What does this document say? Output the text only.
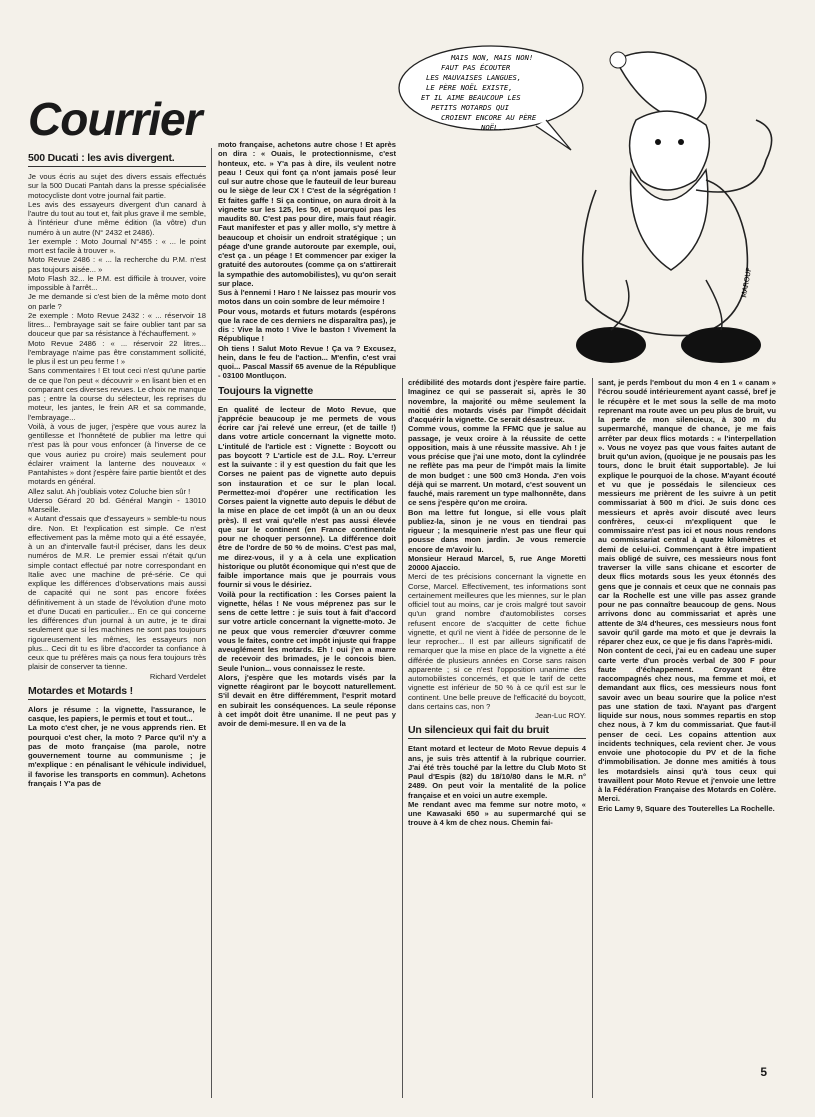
Courrier
MAIS NON, MAIS NON!
FAUT PAS ÉCOUTER
LES MAUVAISES LANGUES,
LE PÈRE NOËL EXISTE,
ET IL AIME BEAUCOUP LES
PETITS MOTARDS QUI
CROIENT ENCORE AU PÈRE
NOËL...
MAROUF
500 Ducati : les avis divergent.

Je vous écris au sujet des divers essais effectués sur la 500 Ducati Pantah dans la presse spécialisée motocycliste dont votre journal fait partie.

Les avis des essayeurs divergent d'un canard à l'autre du tout au tout et, fait plus grave il me semble, à l'intérieur d'une même édition (la vôtre) d'un numéro à un autre (N° 2432 et 2486).

1er exemple : Moto Journal N°455 : « ... le point mort est facile à trouver ».

Moto Revue 2486 : « ... la recherche du P.M. n'est pas toujours aisée... »

Moto Flash 32... le P.M. est difficile à trouver, voire impossible à l'arrêt...

Je me demande si c'est bien de la même moto dont on parle ?

2e exemple : Moto Revue 2432 : « ... réservoir 18 litres... l'embrayage sait se faire oublier tant par sa douceur que par sa résistance à l'échauffement. »

Moto Revue 2486 : « ... réservoir 22 litres... l'embrayage n'aime pas être constamment sollicité, le plus il est un peu ferme ! »

Sans commentaires ! Et tout ceci n'est qu'une partie de ce que l'on peut « découvrir » en lisant bien et en comparant ces diverses revues. Le choix ne manque pas ; entre la course du sélecteur, les reprises du moteur, les jantes, le frein AR et sa commande, l'embrayage...

Voilà, à vous de juger, j'espère que vous aurez la gentillesse et l'honnêteté de publier ma lettre qui n'est pas là pour vous enfoncer (à l'inverse de ce que vous auriez pu croire) mais seulement pour éclairer vraiment la lanterne des nouveaux « Pantahistes » dont j'espère faire partie bientôt et des motards en général.

Allez salut. Ah j'oubliais votez Coluche bien sûr !

Uderso Gérard 20 bd. Général Mangin - 13010 Marseille.

« Autant d'essais que d'essayeurs » semble-tu nous dire. Non. Et l'explication est simple. Ce n'est effectivement pas la même moto qui a été essayée, à un an d'intervalle faut-il préciser, dans les deux numéros de M.R. Le premier essai n'était qu'un simple contact effectué par notre correspondant en Italie avec une machine de pré-série. Ce qui explique les différences d'observations mais aussi de capacité qui ne sont pas encore fixées définitivement à un stade de l'évolution d'une moto et d'une Ducati en particulier... En ce qui concerne les différences d'un journal à un autre, je te dirai seulement que si les machines ne sont pas toujours rigoureusement les mêmes, les essayeurs non plus... Ceci dit tu es libre d'accorder ta confiance à ceux que tu préfères mais ça nous fera toujours très plaisir de conserver ta tienne.

Richard Verdelet

Motardes et Motards !

Alors je résume : la vignette, l'assurance, le casque, les papiers, le permis et tout et tout...

La moto c'est cher, je ne vous apprends rien. Et pourquoi c'est cher, la moto ? Parce qu'il n'y a pas de moto française (ma parole, notre gouvernement tourne au communisme ; je m'explique : en pénalisant le véhicule individuel, il favorise les transports en commun). Achetons français ! Y'a pas de

moto française, achetons autre chose ! Et après on dira : « Ouais, le protectionnisme, c'est honteux, etc. » Y'a pas à dire, ils veulent notre peau ! Ceux qui font ça n'ont jamais posé leur cul sur autre chose que le fauteuil de leur bureau ou le siège de leur CX ! C'est de la ségrégation ! Et faites gaffe ! Si ça continue, on aura droit à la vignette sur les 125, les 50, et pourquoi pas les maudits 80. C'est pas pour dire, mais faut réagir. Faut manifester et pas y aller mollo, s'y mettre à beaucoup et choisir un endroit stratégique ; un péage d'une grande autoroute par exemple, oui, c'est ça . un péage ! Et commencer par exiger la gratuité des autoroutes (comme ça on s'attirerait la sympathie des automobilistes), vu qu'on serait sur place.

Sus à l'ennemi ! Haro ! Ne laissez pas mourir vos motos dans un coin sombre de leur mémoire !

Pour vous, motards et futurs motards (espérons que la race de ces derniers ne disparaîtra pas), je dis : Vive la moto ! Vive le baston ! Vivement la République !

Oh tiens ! Salut Moto Revue ! Ça va ? Excusez, hein, dans le feu de l'action... M'enfin, c'est vrai quoi... Pascal Massif 65 avenue de la République - 03100 Montluçon.

Toujours la vignette

En qualité de lecteur de Moto Revue, que j'apprécie beaucoup je me permets de vous écrire car j'ai relevé une erreur, (et de taille !) dans votre article concernant la vignette moto. L'intitulé de l'article est : Vignette : Boycott ou pas boycott ? L'article est de J.L. Roy. L'erreur est la suivante : il y est question du fait que les Corses ne paient pas de vignette auto depuis son instauration et ce sur le plan local. Permettez-moi d'opérer une rectification les Corses paient la vignette auto depuis le début de la mise en place de cet impôt (à un an ou deux près). Il est vrai qu'elle n'est pas aussi élevée que sur le continent (en France continentale pour ne choquer personne). La différence doit être de l'ordre de 50 % de moins. C'est pas mal, me direz-vous, il y a à cela une explication historique ou plutôt économique qui n'est que de faible importance mais que je pourrais vous fournir si vous le désiriez.

Voilà pour la rectification : les Corses paient la vignette, hélas ! Ne vous méprenez pas sur le sens de cette lettre : je suis tout à fait d'accord sur votre article concernant la vignette-moto. Je ne peux que vous remercier d'œuvrer comme vous le faites, contre cet impôt injuste qui frappe aveuglément les motards. Eh ! oui j'en a marre de recevoir des brimades, je le concois bien. Seule l'union... vous connaissez le reste.

Alors, j'espère que les motards visés par la vignette réagiront par le boycott naturellement. S'il devait en être différemment, l'esprit motard en subirait les conséquences. La seule réponse à cet impôt doit être unanime. Il ne peut pas y avoir de demi-mesure. Il en va de la

crédibilité des motards dont j'espère faire partie. Imaginez ce qui se passerait si, après le 30 novembre, la majorité ou même seulement la moitié des motards visés par l'impôt décidait d'acquérir la vignette. Ce serait désastreux.

Comme vous, comme la FFMC que je salue au passage, je veux croire à la réussite de cette opposition, mais à une réussite massive. Ah ! je vous précise que j'ai une moto, dont la cylindrée ne reflète pas ma peur de l'impôt mais la limite de mon budget : une 500 cm3 Honda. J'en vois déjà qui se marrent. Un motard, c'est souvent un fauché, mais rarement un type malhonnête, dans ce sens j'espère qu'on me croira.

Bon ma lettre fut longue, si elle vous plaît publiez-la, sinon je ne vous en tiendrai pas rigueur ; la mesquinerie n'est pas une fleur qui pousse dans mon jardin. Je vous remercie encore de m'avoir lu.

Monsieur Heraud Marcel, 5, rue Ange Moretti 20000 Ajaccio.

Merci de tes précisions concernant la vignette en Corse, Marcel. Effectivement, tes informations sont certainement meilleures que les miennes, sur le plan officiel tout au moins, car je crois malgré tout savoir qu'un grand nombre d'automobilistes corses refusent encore de s'acquitter de cette fichue vignette, et qu'il ne vient à l'idée de personne de le leur reprocher... Il est par ailleurs significatif de remarquer que la mise en place de la vignette a été différée de plusieurs années en Corse sans raison apparente ; si ce n'est l'opposition unanime des automobilistes concernés, et que le tarif de cette vignette est inférieur de 50 % à ce qu'il est sur le continent. Une belle preuve de l'efficacité du boycott, dans certains cas, non ?

Jean-Luc ROY.

Un silencieux qui fait du bruit

Etant motard et lecteur de Moto Revue depuis 4 ans, je suis très attentif à la rubrique courrier. J'ai été très touché par la lettre du Club Moto St Paul d'Espis (82) du 18/10/80 dans le M.R. n° 2489. On peut voir la mentalité de la police française et en voici un autre exemple.

Me rendant avec ma femme sur notre moto, « une Kawasaki 650 » au supermarché qui se trouve à 4 km de chez nous. Chemin fai-

sant, je perds l'embout du mon 4 en 1 « canam » l'écrou soudé intérieurement ayant cassé, bref je le récupère et le met sous la selle de ma moto reprenant ma route avec un peu plus de bruit, vu la perte de mon silencieux, à 300 m du supermarché, manque de chance, je me fais arrêter par deux flics motards : « l'interpellation ». Vous ne voyez pas que vous faites autant de bruit qu'un avion, (quoique je ne pousais pas les tours, donc le bruit était supportable). Je lui explique le pourquoi de la chose. M'ayant écouté et vu que je possédais le silencieux ces messieurs me prièrent de les suivre à un petit commissariat à 500 m d'ici. Je suis donc ces messieurs et après avoir discuté avec leurs confrères, ceux-ci m'expliquent que le commissaire n'est pas ici et nous nous rendons au commissariat central à quatre kilomètres et demi de celui-ci. Commençant à être impatient mais obligé de suivre, ces messieurs nous font traverser la ville sans chicane et escorter de deux flics motards sous les yeux étonnés des gens que je connais et ceux que ne connais pas car la Rochelle est une ville pas assez grande pour ne pas connaître beaucoup de gens. Nous arrivons donc au commissariat et après une attente de 3/4 d'heures, ces messieurs nous font savoir qu'il garde ma moto et que je devrais la réparer chez eux, ce que je fis dans l'après-midi.

Non content de ceci, j'ai eu en cadeau une super carte verte d'un procès verbal de 300 F pour faute d'échappement. Croyant être raccompagnés chez nous, ma femme et moi, et demandant aux flics, ces messieurs nous font savoir avec un beau sourire que la police n'est pas une station de taxi. N'ayant pas d'argent liquide sur nous, nous sommes repartis en stop chez nous, à 7 km du commissariat. Que faut-il penser de ceci. Les copains attention aux incidents techniques, cela revient cher. Je vous envoie une photocopie du PV et de la fiche d'immobilisation. Je donne mes amitiés à tous les motardsiels ainsi qu'à tous ceux qui travaillent pour Moto Revue et j'envoie une lettre à la Fédération Française des Motards en Colère. Merci.

Eric Lamy 9, Square des Touterelles La Rochelle.

5
